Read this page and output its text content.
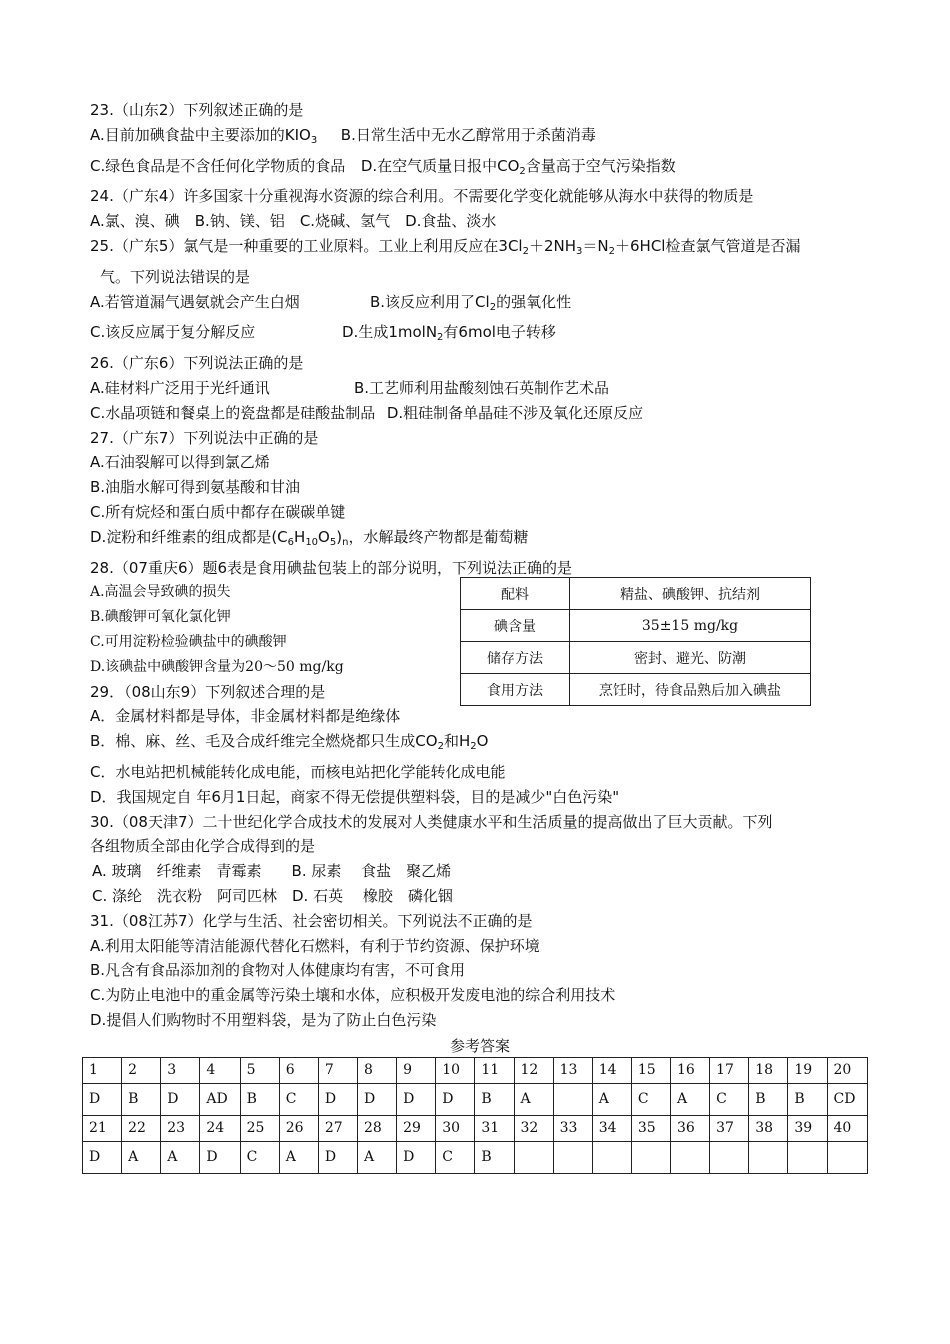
23.（山东2）下列叙述正确的是
A.目前加碘食盐中主要添加的$KIO_3$ B.日常生活中无水乙醇常用于杀菌消毒
C.绿色食品是不含任何化学物质的食品 D.在空气质量日报中$CO_2$含量高于空气污染指数
24.（广东4）许多国家十分重视海水资源的综合利用。不需要化学变化就能够从海水中获得的物质是
A.氯、溴、碘　B.钠、镁、铝　C.烧碱、氢气　D.食盐、淡水
25.（广东5）氯气是一种重要的工业原料。工业上利用反应在$3Cl_2+2NH_3=N_2+6HCl$检查氯气管道是否漏
气。下列说法错误的是
A.若管道漏气遇氨就会产生白烟	B.该反应利用了$Cl_2$的强氧化性
C.该反应属于复分解反应	D.生成1molN$_2$有6mol电子转移
26.（广东6）下列说法正确的是
A.硅材料广泛用于光纤通讯	B.工艺师利用盐酸刻蚀石英制作艺术品
C.水晶项链和餐桌上的瓷盘都是硅酸盐制品 D.粗硅制备单晶硅不涉及氧化还原反应
27.（广东7）下列说法中正确的是
A.石油裂解可以得到氯乙烯
B.油脂水解可得到氨基酸和甘油
C.所有烷烃和蛋白质中都存在碳碳单键
D.淀粉和纤维素的组成都是$(C_6H_{10}O_5)_n$，水解最终产物都是葡萄糖
28.（07重庆6）题6表是食用碘盐包装上的部分说明，下列说法正确的是
A.高温会导致碘的损失
B.碘酸钾可氧化氯化钾
C.可用淀粉检验碘盐中的碘酸钾
D.该碘盐中碘酸钾含量为20～50 mg/kg
29．（08山东9）下列叙述合理的是
配料	精盐、碘酸钾、抗结剂
碘含量	35±15 mg/kg
储存方法	密封、避光、防潮
食用方法	烹饪时，待食品熟后加入碘盐
A．金属材料都是导体，非金属材料都是绝缘体
B．棉、麻、丝、毛及合成纤维完全燃烧都只生成$CO_2$和$H_2O$
C．水电站把机械能转化成电能，而核电站把化学能转化成电能
D．我国规定自 年6月1日起，商家不得无偿提供塑料袋，目的是减少"白色污染"
30.（08天津7）二十世纪化学合成技术的发展对人类健康水平和生活质量的提高做出了巨大贡献。下列
各组物质全部由化学合成得到的是
A. 玻璃　纤维素　青霉素　　B. 尿素　 食盐　聚乙烯
C. 涤纶　洗衣粉　阿司匹林　D. 石英　 橡胶　磷化铟
31.（08江苏7）化学与生活、社会密切相关。下列说法不正确的是
A.利用太阳能等清洁能源代替化石燃料，有利于节约资源、保护环境
B.凡含有食品添加剂的食物对人体健康均有害，不可食用
C.为防止电池中的重金属等污染土壤和水体，应积极开发废电池的综合利用技术
D.提倡人们购物时不用塑料袋，是为了防止白色污染
参考答案
1	2	3	4	5	6	7	8	9	10	11	12	13	14	15	16	17	18	19	20
D	B	D	AD	B	C	D	D	D	D	B	A		A	C	A	C	B	B	CD
21	22	23	24	25	26	27	28	29	30	31	32	33	34	35	36	37	38	39	40
D	A	A	D	C	A	D	A	D	C	B									
